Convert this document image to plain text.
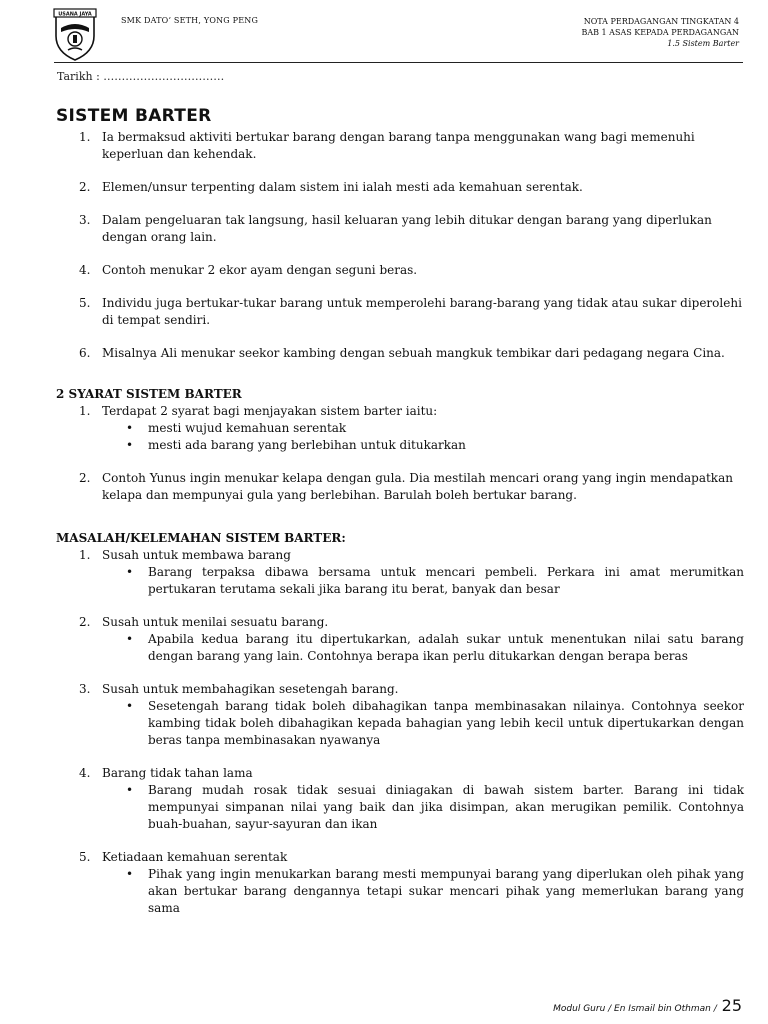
USANA JAYA
SMK DATO’ SETH, YONG PENG	NOTA PERDAGANGAN TINGKATAN 4
BAB 1 ASAS KEPADA PERDAGANGAN
1.5 Sistem Barter
Tarikh : ……………………………
SISTEM BARTER
1. Ia bermaksud aktiviti bertukar barang dengan barang tanpa menggunakan wang bagi memenuhi keperluan dan kehendak.
2. Elemen/unsur terpenting dalam sistem ini ialah mesti ada kemahuan serentak.
3. Dalam pengeluaran tak langsung, hasil keluaran yang lebih ditukar dengan barang yang diperlukan dengan orang lain.
4. Contoh menukar 2 ekor ayam dengan seguni beras.
5. Individu juga bertukar-tukar barang untuk memperolehi barang-barang yang tidak atau sukar diperolehi di tempat sendiri.
6. Misalnya Ali menukar seekor kambing dengan sebuah mangkuk tembikar dari pedagang negara Cina.
2 SYARAT SISTEM BARTER
1. Terdapat 2 syarat bagi menjayakan sistem barter iaitu:
• mesti wujud kemahuan serentak
• mesti ada barang yang berlebihan untuk ditukarkan
2. Contoh Yunus ingin menukar kelapa dengan gula. Dia mestilah mencari orang yang ingin mendapatkan kelapa dan mempunyai gula yang berlebihan. Barulah boleh bertukar barang.
MASALAH/KELEMAHAN SISTEM BARTER:
1. Susah untuk membawa barang
• Barang terpaksa dibawa bersama untuk mencari pembeli. Perkara ini amat merumitkan pertukaran terutama sekali jika barang itu berat, banyak dan besar
2. Susah untuk menilai sesuatu barang.
• Apabila kedua barang itu dipertukarkan, adalah sukar untuk menentukan nilai satu barang dengan barang yang lain. Contohnya berapa ikan perlu ditukarkan dengan berapa beras
3. Susah untuk membahagikan sesetengah barang.
• Sesetengah barang tidak boleh dibahagikan tanpa membinasakan nilainya. Contohnya seekor kambing tidak boleh dibahagikan kepada bahagian yang lebih kecil untuk dipertukarkan dengan beras tanpa membinasakan nyawanya
4. Barang tidak tahan lama
• Barang mudah rosak tidak sesuai diniagakan di bawah sistem barter. Barang ini tidak mempunyai simpanan nilai yang baik dan jika disimpan, akan merugikan pemilik. Contohnya buah-buahan, sayur-sayuran dan ikan
5. Ketiadaan kemahuan serentak
• Pihak yang ingin menukarkan barang mesti mempunyai barang yang diperlukan oleh pihak yang akan bertukar barang dengannya tetapi sukar mencari pihak yang memerlukan barang yang sama
Modul Guru / En Ismail bin Othman / 25
